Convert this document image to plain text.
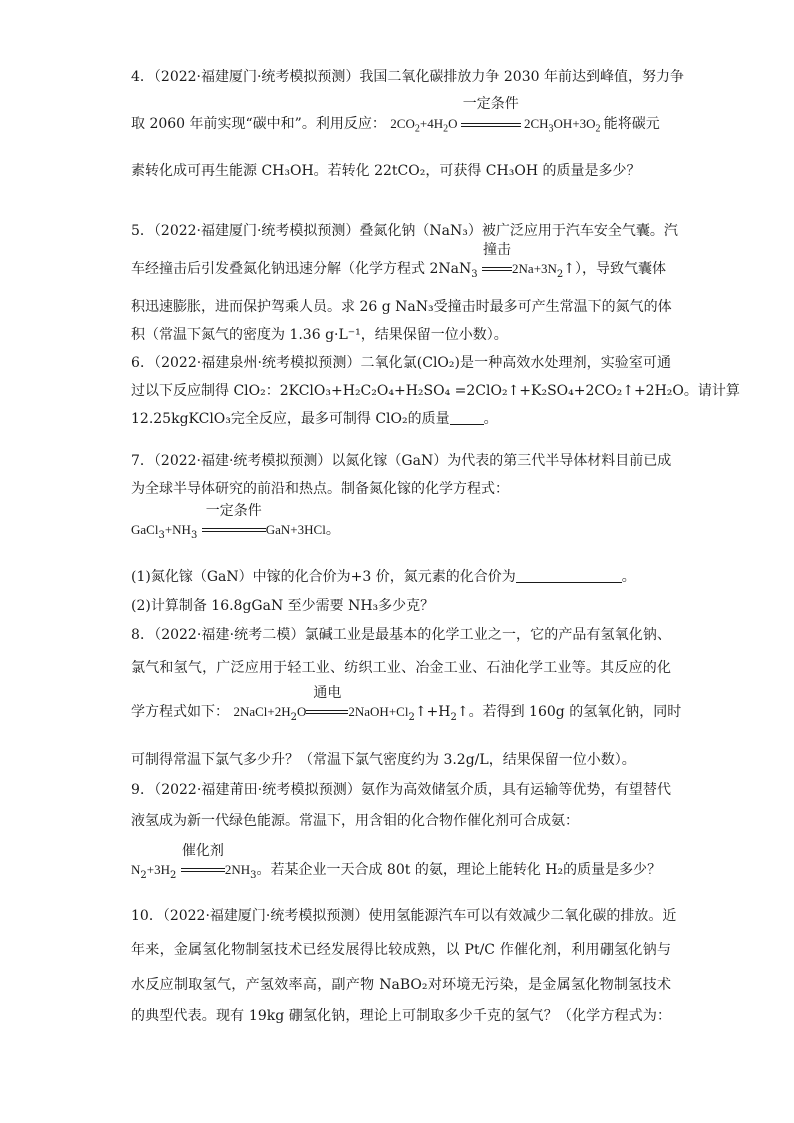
4．（2022·福建厦门·统考模拟预测）我国二氧化碳排放力争 2030 年前达到峰值，努力争
取 2060 年前实现“碳中和”。利用反应： $2CO_2+4H_2O$
一定条件
$2CH_3OH+3O_2$ 能将碳元
素转化成可再生能源 CH₃OH。若转化 22tCO₂，可获得 CH₃OH 的质量是多少？
5．（2022·福建厦门·统考模拟预测）叠氮化钠（NaN₃）被广泛应用于汽车安全气囊。汽
车经撞击后引发叠氮化钠迅速分解（化学方程式 2NaN$_3$
撞击
$2Na+3N_2↑$），导致气囊体
积迅速膨胀，进而保护驾乘人员。求 26 g NaN₃受撞击时最多可产生常温下的氮气的体
积（常温下氮气的密度为 1.36 g·L⁻¹，结果保留一位小数）。
6．（2022·福建泉州·统考模拟预测）二氧化氯(ClO₂)是一种高效水处理剂，实验室可通
过以下反应制得 ClO₂：2KClO₃+H₂C₂O₄+H₂SO₄ =2ClO₂↑+K₂SO₄+2CO₂↑+2H₂O。请计算
12.25kgKClO₃完全反应，最多可制得 ClO₂的质量 。
7．（2022·福建·统考模拟预测）以氮化镓（GaN）为代表的第三代半导体材料目前已成
为全球半导体研究的前沿和热点。制备氮化镓的化学方程式：
$GaCl_3+NH_3$
一定条件
GaN+3HCl。
(1)氮化镓（GaN）中镓的化合价为+3 价，氮元素的化合价为	。
(2)计算制备 16.8gGaN 至少需要 NH₃多少克？
8．（2022·福建·统考二模）氯碱工业是最基本的化学工业之一，它的产品有氢氧化钠、
氯气和氢气，广泛应用于轻工业、纺织工业、冶金工业、石油化学工业等。其反应的化
学方程式如下： $2NaCl+2H_2O$
通电
$2NaOH+Cl_2↑+H_2↑$。若得到 160g 的氢氧化钠，同时
可制得常温下氯气多少升？（常温下氯气密度约为 3.2g/L，结果保留一位小数）。
9．（2022·福建莆田·统考模拟预测）氨作为高效储氢介质，具有运输等优势，有望替代
液氢成为新一代绿色能源。常温下，用含钼的化合物作催化剂可合成氨：
$N_2+3H_2$
催化剂
$2NH_3$。若某企业一天合成 80t 的氨，理论上能转化 H₂的质量是多少？
10．（2022·福建厦门·统考模拟预测）使用氢能源汽车可以有效减少二氧化碳的排放。近
年来，金属氢化物制氢技术已经发展得比较成熟，以 Pt/C 作催化剂，利用硼氢化钠与
水反应制取氢气，产氢效率高，副产物 NaBO₂对环境无污染，是金属氢化物制氢技术
的典型代表。现有 19kg 硼氢化钠，理论上可制取多少千克的氢气？（化学方程式为：
